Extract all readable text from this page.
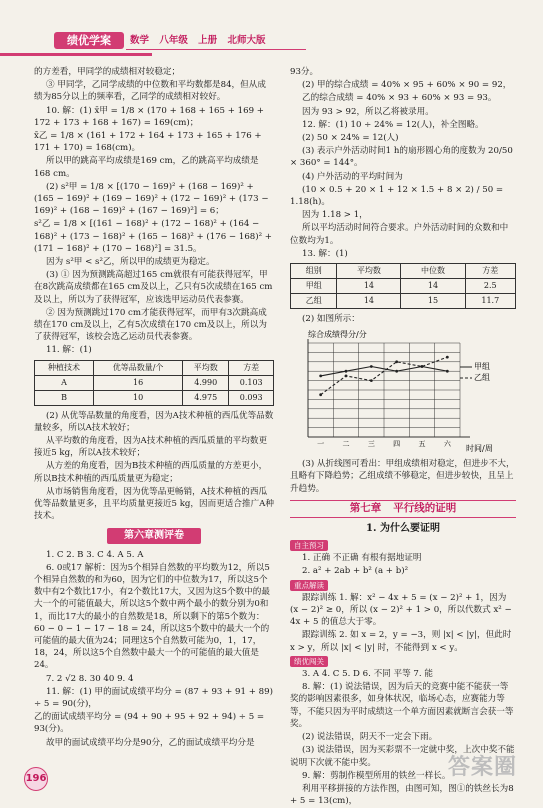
绩优学案	数学 八年级 上册 北师大版

的方差看，甲同学的成绩相对较稳定；

③ 甲同学，乙同学成绩的中位数和平均数都是84，但从成绩为85分以上的频率看，乙同学的成绩相对较好。

10. 解：(1) x̄甲 = 1/8 × (170 + 168 + 165 + 169 + 172 + 173 + 168 + 167) = 169(cm)；

x̄乙 = 1/8 × (161 + 172 + 164 + 173 + 165 + 176 + 171 + 170) = 168(cm)。

所以甲的跳高平均成绩是169 cm，乙的跳高平均成绩是168 cm。

(2) s²甲 = 1/8 × [(170 − 169)² + (168 − 169)² + (165 − 169)² + (169 − 169)² + (172 − 169)² + (173 − 169)² + (168 − 169)² + (167 − 169)²] = 6；

s²乙 = 1/8 × [(161 − 168)² + (172 − 168)² + (164 − 168)² + (173 − 168)² + (165 − 168)² + (176 − 168)² + (171 − 168)² + (170 − 168)²] = 31.5。

因为 s²甲 < s²乙，所以甲的成绩更为稳定。

(3) ① 因为预测跳高超过165 cm就很有可能获得冠军，甲在8次跳高成绩都在165 cm及以上，乙只有5次成绩在165 cm及以上，所以为了获得冠军，应该选甲运动员代表参赛。

② 因为预测跳过170 cm才能获得冠军，而甲有3次跳高成绩在170 cm及以上，乙有5次成绩在170 cm及以上，所以为了获得冠军，该校会选乙运动员代表参赛。

11. 解：(1)

种植技术	优等品数量/个	平均数	方差
A	16	4.990	0.103
B	10	4.975	0.093

(2) 从优等品数量的角度看，因为A技术种植的西瓜优等品数量较多，所以A技术较好；

从平均数的角度看，因为A技术种植的西瓜质量的平均数更接近5 kg，所以A技术较好；

从方差的角度看，因为B技术种植的西瓜质量的方差更小，所以B技术种植的西瓜质量更为稳定；

从市场销售角度看，因为优等品更畅销，A技术种植的西瓜优等品数量更多，且平均质量更接近5 kg，因而更适合推广A种技术。

第六章测评卷

1. C 2. B 3. C 4. A 5. A

6. 0或17 解析：因为5个相异自然数的平均数为12，所以5个相异自然数的和为60，因为它们的中位数为17，所以这5个数中有2个数比17小，有2个数比17大，又因为这5个数中的最大一个的可能值最大，所以这5个数中两个最小的数分别为0和1，而比17大的最小的自然数是18，所以剩下的第5个数为：60 − 0 − 1 − 17 − 18 = 24，所以这5个数中的最大一个的可能值的最大值为24；同理这5个自然数可能为0，1，17，18，24，所以这5个自然数中最大一个的可能值的最大值是24。

7. 2 √2 8. 30 40 9. 4

11. 解：(1) 甲的面试成绩平均分 = (87 + 93 + 91 + 89) ÷ 5 = 90(分)，

乙的面试成绩平均分 = (94 + 90 + 95 + 92 + 94) ÷ 5 = 93(分)。

故甲的面试成绩平均分是90分，乙的面试成绩平均分是

93分。

(2) 甲的综合成绩 = 40% × 95 + 60% × 90 = 92，

乙的综合成绩 = 40% × 93 + 60% × 93 = 93。

因为 93 > 92，所以乙将被录用。

12. 解：(1) 10 ÷ 24% = 12(人)，补全图略。

(2) 50 × 24% = 12(人)

(3) 表示户外活动时间1 h的扇形圆心角的度数为 20/50 × 360° = 144°。

(4) 户外活动的平均时间为

(10 × 0.5 + 20 × 1 + 12 × 1.5 + 8 × 2) / 50 = 1.18(h)。

因为 1.18 > 1，

所以平均活动时间符合要求。户外活动时间的众数和中位数均为1。

13. 解：(1)

组别	平均数	中位数	方差
甲组	14	14	2.5
乙组	14	15	11.7

(2) 如图所示：

一	二	三	四	五	六
综合成绩得分/分
时间/周
甲组
乙组

(3) 从折线图可看出：甲组成绩相对稳定，但进步不大，且略有下降趋势；乙组成绩不够稳定，但进步较快，且呈上升趋势。

第七章 平行线的证明
1. 为什么要证明
自主预习

1. 正确 不正确 有根有据地证明

2. a² + 2ab + b² (a + b)²

重点解读

跟踪训练 1. 解：x² − 4x + 5 = (x − 2)² + 1，因为 (x − 2)² ≥ 0，所以 (x − 2)² + 1 > 0，所以代数式 x² − 4x + 5 的值总大于零。

跟踪训练 2. 如 x = 2，y = −3，则 |x| < |y|，但此时 x > y，所以 |x| < |y| 时，不能得到 x < y。

绩优闯关

3. A 4. C 5. D 6. 不同 平等 7. 能

8. 解：(1) 说法错误，因为后天的竞赛中能不能获一等奖的影响因素很多，如身体状况，临场心态，应赛能力等等，不能只因为平时成绩这一个单方面因素就断言会获一等奖。

(2) 说法错误，阴天不一定会下雨。

(3) 说法错误，因为买彩票不一定就中奖，上次中奖不能说明下次就不能中奖。

9. 解：剪制作模型所用的铁丝一样长。

利用平移拼接的方法作图，由图可知，图①的铁丝长为8 + 5 = 13(cm)，

196	答案圈
